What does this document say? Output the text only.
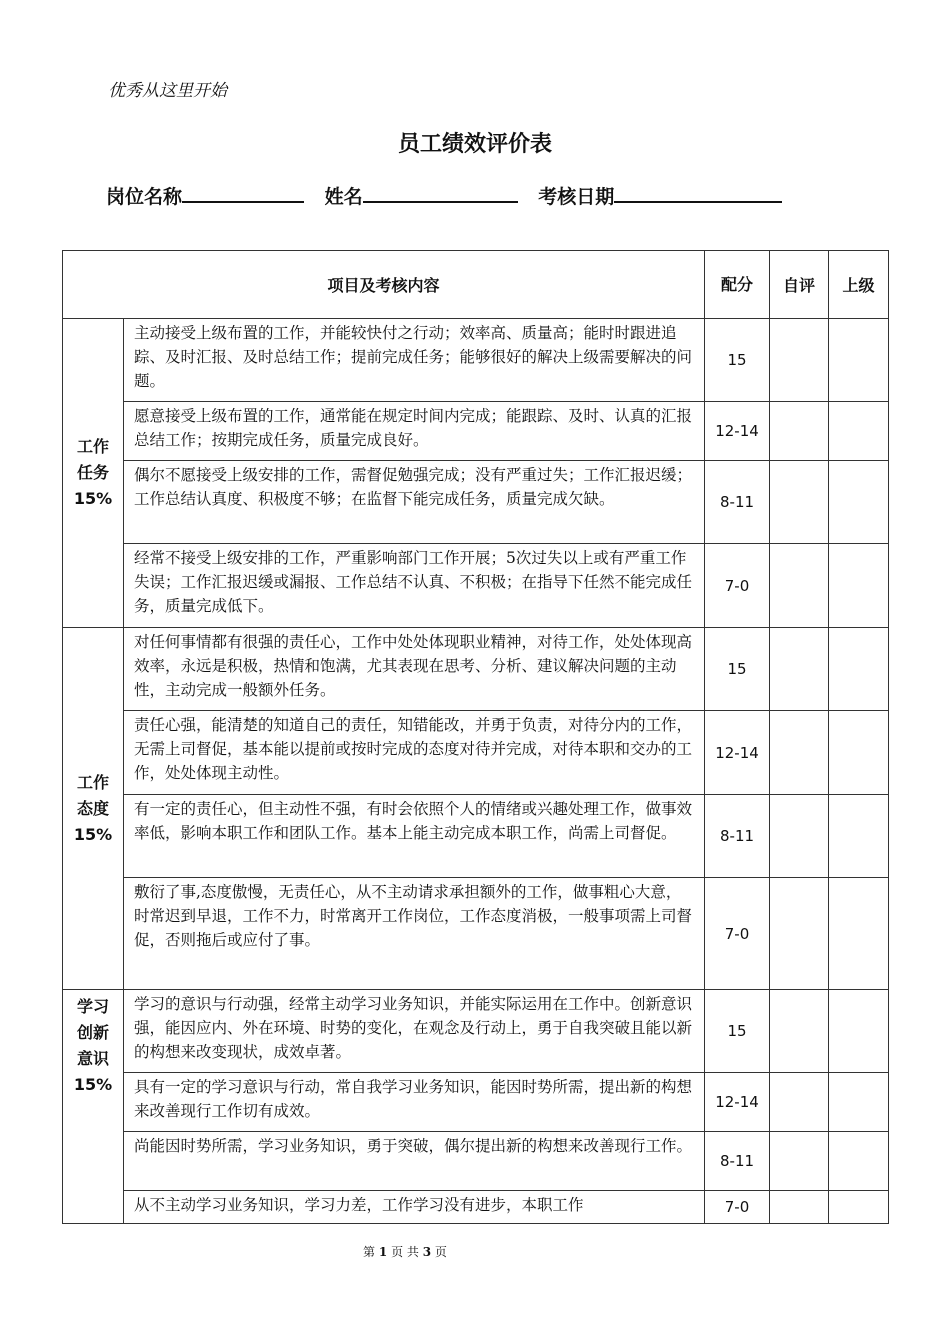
优秀从这里开始
员工绩效评价表
岗位名称	姓名	考核日期
项目及考核内容		配分	自评	上级

工作
任务
15%	主动接受上级布置的工作，并能较快付之行动；效率高、质量高；能时时跟进追踪、及时汇报、及时总结工作；提前完成任务；能够很好的解决上级需要解决的问题。	15		
	愿意接受上级布置的工作，通常能在规定时间内完成；能跟踪、及时、认真的汇报总结工作；按期完成任务，质量完成良好。	12-14		
	偶尔不愿接受上级安排的工作，需督促勉强完成；没有严重过失；工作汇报迟缓；工作总结认真度、积极度不够；在监督下能完成任务，质量完成欠缺。	8-11		
	经常不接受上级安排的工作，严重影响部门工作开展；5次过失以上或有严重工作失误；工作汇报迟缓或漏报、工作总结不认真、不积极；在指导下任然不能完成任务，质量完成低下。	7-0		

工作
态度
15%	对任何事情都有很强的责任心，工作中处处体现职业精神，对待工作，处处体现高效率，永远是积极，热情和饱满，尤其表现在思考、分析、建议解决问题的主动性，主动完成一般额外任务。	15		
	责任心强，能清楚的知道自己的责任，知错能改，并勇于负责，对待分内的工作，无需上司督促，基本能以提前或按时完成的态度对待并完成，对待本职和交办的工作，处处体现主动性。	12-14		
	有一定的责任心，但主动性不强，有时会依照个人的情绪或兴趣处理工作，做事效率低，影响本职工作和团队工作。基本上能主动完成本职工作，尚需上司督促。	8-11		
	敷衍了事,态度傲慢，无责任心，从不主动请求承担额外的工作，做事粗心大意，时常迟到早退，工作不力，时常离开工作岗位，工作态度消极，一般事项需上司督促，否则拖后或应付了事。	7-0		

学习
创新
意识
15%	学习的意识与行动强，经常主动学习业务知识，并能实际运用在工作中。创新意识强，能因应内、外在环境、时势的变化，在观念及行动上，勇于自我突破且能以新的构想来改变现状，成效卓著。	15		
	具有一定的学习意识与行动，常自我学习业务知识，能因时势所需，提出新的构想来改善现行工作切有成效。	12-14		
	尚能因时势所需，学习业务知识，勇于突破，偶尔提出新的构想来改善现行工作。	8-11		
	从不主动学习业务知识，学习力差，工作学习没有进步，本职工作	7-0		
第 1 页 共 3 页
